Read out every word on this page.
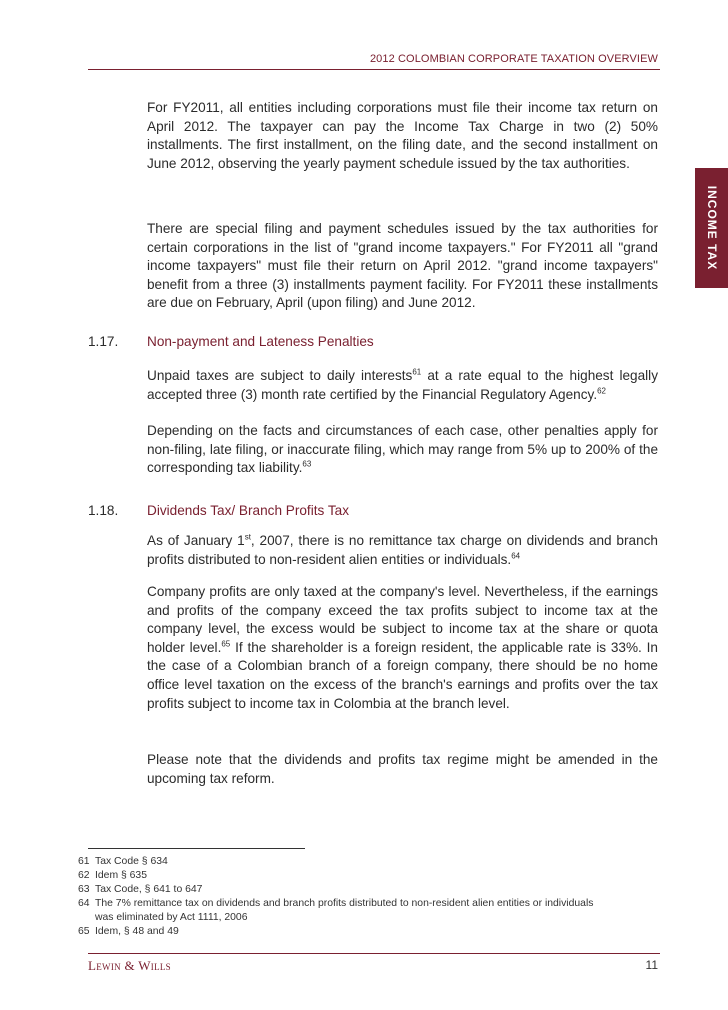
2012 COLOMBIAN CORPORATE TAXATION OVERVIEW
INCOME TAX

For FY2011, all entities including corporations must file their income tax return on April 2012. The taxpayer can pay the Income Tax Charge in two (2) 50% installments. The first installment, on the filing date, and the second installment on June 2012, observing the yearly payment schedule issued by the tax authorities.

There are special filing and payment schedules issued by the tax authorities for certain corporations in the list of "grand income taxpayers." For FY2011 all "grand income taxpayers" must file their return on April 2012. "grand income taxpayers" benefit from a three (3) installments payment facility. For FY2011 these installments are due on February, April (upon filing) and June 2012.

1.17. Non-payment and Lateness Penalties

Unpaid taxes are subject to daily interests$^{61}$ at a rate equal to the highest legally accepted three (3) month rate certified by the Financial Regulatory Agency.$^{62}$

Depending on the facts and circumstances of each case, other penalties apply for non-filing, late filing, or inaccurate filing, which may range from 5% up to 200% of the corresponding tax liability.$^{63}$

1.18. Dividends Tax/ Branch Profits Tax

As of January 1st, 2007, there is no remittance tax charge on dividends and branch profits distributed to non-resident alien entities or individuals.$^{64}$

Company profits are only taxed at the company's level. Nevertheless, if the earnings and profits of the company exceed the tax profits subject to income tax at the company level, the excess would be subject to income tax at the share or quota holder level.$^{65}$ If the shareholder is a foreign resident, the applicable rate is 33%. In the case of a Colombian branch of a foreign company, there should be no home office level taxation on the excess of the branch's earnings and profits over the tax profits subject to income tax in Colombia at the branch level.

Please note that the dividends and profits tax regime might be amended in the upcoming tax reform.

61 Tax Code § 634

62 Idem § 635

63 Tax Code, § 641 to 647

64 The 7% remittance tax on dividends and branch profits distributed to non-resident alien entities or individuals
was eliminated by Act 1111, 2006

65 Idem, § 48 and 49

Lewin & Wills	11
